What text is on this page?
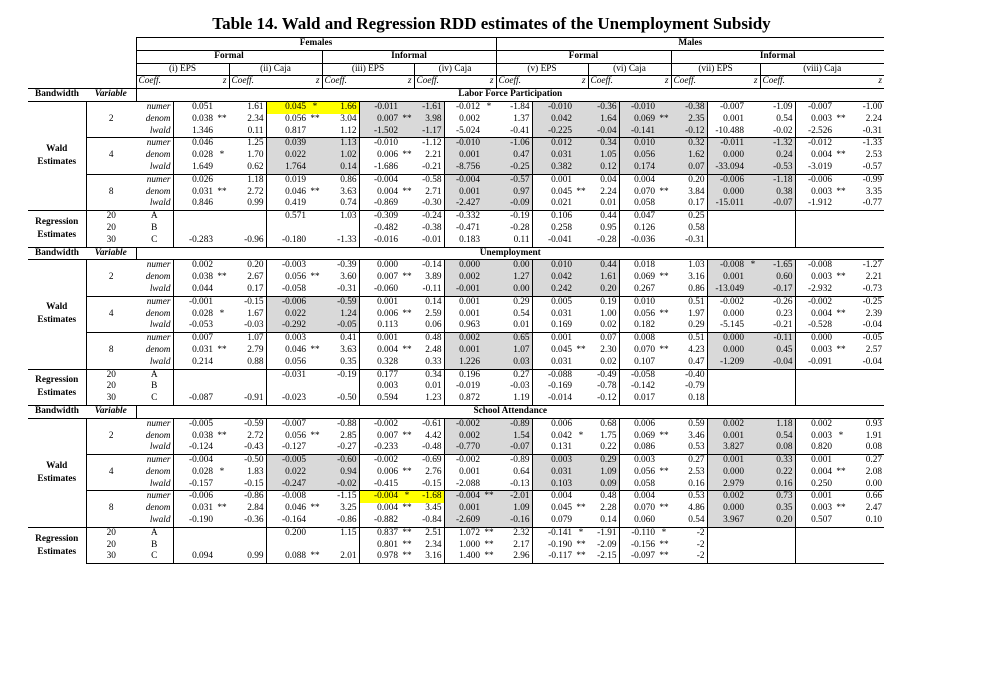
Table 14. Wald and Regression RDD estimates of the Unemployment Subsidy
		Females												Males												
		Formal						Informal						Formal						Informal						
		(i) EPS			(ii) Caja			(iii) EPS			(iv) Caja			(v) EPS			(vi) Caja			(vii) EPS			(viii) Caja			
		Coeff.		z	Coeff.		z	Coeff.		z	Coeff.		z	Coeff.		z	Coeff.		z	Coeff.		z	Coeff.		z	
Bandwidth	Variable	Labor Force Participation																								
Wald Estimates	2	numer	0.051		1.61	0.045	*	1.66	-0.011		-1.61	-0.012	*	-1.84	-0.010		-0.36	-0.010		-0.38	-0.007		-1.09	-0.007		-1.00
		denom	0.038	**	2.34	0.056	**	3.04	0.007	**	3.98	0.002		1.37	0.042		1.64	0.069	**	2.35	0.001		0.54	0.003	**	2.24
		lwald	1.346		0.11	0.817		1.12	-1.502		-1.17	-5.024		-0.41	-0.225		-0.04	-0.141		-0.12	-10.488		-0.02	-2.526		-0.31
	4	numer	0.046		1.25	0.039		1.13	-0.010		-1.12	-0.010		-1.06	0.012		0.34	0.010		0.32	-0.011		-1.32	-0.012		-1.33
		denom	0.028	*	1.70	0.022		1.02	0.006	**	2.21	0.001		0.47	0.031		1.05	0.056		1.62	0.000		0.24	0.004	**	2.53
		lwald	1.649		0.62	1.764		0.14	-1.686		-0.21	-8.756		-0.25	0.382		0.12	0.174		0.07	-33.094		-0.53	-3.019		-0.57
	8	numer	0.026		1.18	0.019		0.86	-0.004		-0.58	-0.004		-0.57	0.001		0.04	0.004		0.20	-0.006		-1.18	-0.006		-0.99
		denom	0.031	**	2.72	0.046	**	3.63	0.004	**	2.71	0.001		0.97	0.045	**	2.24	0.070	**	3.84	0.000		0.38	0.003	**	3.35
		lwald	0.846		0.99	0.419		0.74	-0.869		-0.30	-2.427		-0.09	0.021		0.01	0.058		0.17	-15.011		-0.07	-1.912		-0.77
Regression Estimates	20	A				0.571		1.03	-0.309		-0.24	-0.332		-0.19	0.106		0.44	0.047		0.25						
	20	B							-0.482		-0.38	-0.471		-0.28	0.258		0.95	0.126		0.58						
	30	C	-0.283		-0.96	-0.180		-1.33	-0.016		-0.01	0.183		0.11	-0.041		-0.28	-0.036		-0.31						
Bandwidth	Variable	Unemployment																								
Wald Estimates	2	numer	0.002		0.20	-0.003		-0.39	0.000		-0.14	0.000		0.00	0.010		0.44	0.018		1.03	-0.008	*	-1.65	-0.008		-1.27
		denom	0.038	**	2.67	0.056	**	3.60	0.007	**	3.89	0.002		1.27	0.042		1.61	0.069	**	3.16	0.001		0.60	0.003	**	2.21
		lwald	0.044		0.17	-0.058		-0.31	-0.060		-0.11	-0.001		0.00	0.242		0.20	0.267		0.86	-13.049		-0.17	-2.932		-0.73
	4	numer	-0.001		-0.15	-0.006		-0.59	0.001		0.14	0.001		0.29	0.005		0.19	0.010		0.51	-0.002		-0.26	-0.002		-0.25
		denom	0.028	*	1.67	0.022		1.24	0.006	**	2.59	0.001		0.54	0.031		1.00	0.056	**	1.97	0.000		0.23	0.004	**	2.39
		lwald	-0.053		-0.03	-0.292		-0.05	0.113		0.06	0.963		0.01	0.169		0.02	0.182		0.29	-5.145		-0.21	-0.528		-0.04
	8	numer	0.007		1.07	0.003		0.41	0.001		0.48	0.002		0.65	0.001		0.07	0.008		0.51	0.000		-0.11	0.000		-0.05
		denom	0.031	**	2.79	0.046	**	3.63	0.004	**	2.48	0.001		1.07	0.045	**	2.30	0.070	**	4.23	0.000		0.45	0.003	**	2.57
		lwald	0.214		0.88	0.056		0.35	0.328		0.33	1.226		0.03	0.031		0.02	0.107		0.47	-1.209		-0.04	-0.091		-0.04
Regression Estimates	20	A				-0.031		-0.19	0.177		0.34	0.196		0.27	-0.088		-0.49	-0.058		-0.40						
	20	B							0.003		0.01	-0.019		-0.03	-0.169		-0.78	-0.142		-0.79						
	30	C	-0.087		-0.91	-0.023		-0.50	0.594		1.23	0.872		1.19	-0.014		-0.12	0.017		0.18						
Bandwidth	Variable	School Attendance																								
Wald Estimates	2	numer	-0.005		-0.59	-0.007		-0.88	-0.002		-0.61	-0.002		-0.89	0.006		0.68	0.006		0.59	0.002		1.18	0.002		0.93
		denom	0.038	**	2.72	0.056	**	2.85	0.007	**	4.42	0.002		1.54	0.042	*	1.75	0.069	**	3.46	0.001		0.54	0.003	*	1.91
		lwald	-0.124		-0.43	-0.127		-0.27	-0.233		-0.48	-0.770		-0.07	0.131		0.22	0.086		0.53	3.827		0.08	0.820		0.08
	4	numer	-0.004		-0.50	-0.005		-0.60	-0.002		-0.69	-0.002		-0.89	0.003		0.29	0.003		0.27	0.001		0.33	0.001		0.27
		denom	0.028	*	1.83	0.022		0.94	0.006	**	2.76	0.001		0.64	0.031		1.09	0.056	**	2.53	0.000		0.22	0.004	**	2.08
		lwald	-0.157		-0.15	-0.247		-0.02	-0.415		-0.15	-2.088		-0.13	0.103		0.09	0.058		0.16	2.979		0.16	0.250		0.00
	8	numer	-0.006		-0.86	-0.008		-1.15	-0.004	*	-1.68	-0.004	**	-2.01	0.004		0.48	0.004		0.53	0.002		0.73	0.001		0.66
		denom	0.031	**	2.84	0.046	**	3.25	0.004	**	3.45	0.001		1.09	0.045	**	2.28	0.070	**	4.86	0.000		0.35	0.003	**	2.47
		lwald	-0.190		-0.36	-0.164		-0.86	-0.882		-0.84	-2.609		-0.16	0.079		0.14	0.060		0.54	3.967		0.20	0.507		0.10
Regression Estimates	20	A				0.200		1.15	0.837	**	2.51	1.072	**	2.32	-0.141	*	-1.91	-0.110	*	-2						
	20	B							0.801	**	2.34	1.000	**	2.17	-0.190	**	-2.09	-0.156	**	-2						
	30	C	0.094		0.99	0.088	**	2.01	0.978	**	3.16	1.400	**	2.96	-0.117	**	-2.15	-0.097	**	-2						
